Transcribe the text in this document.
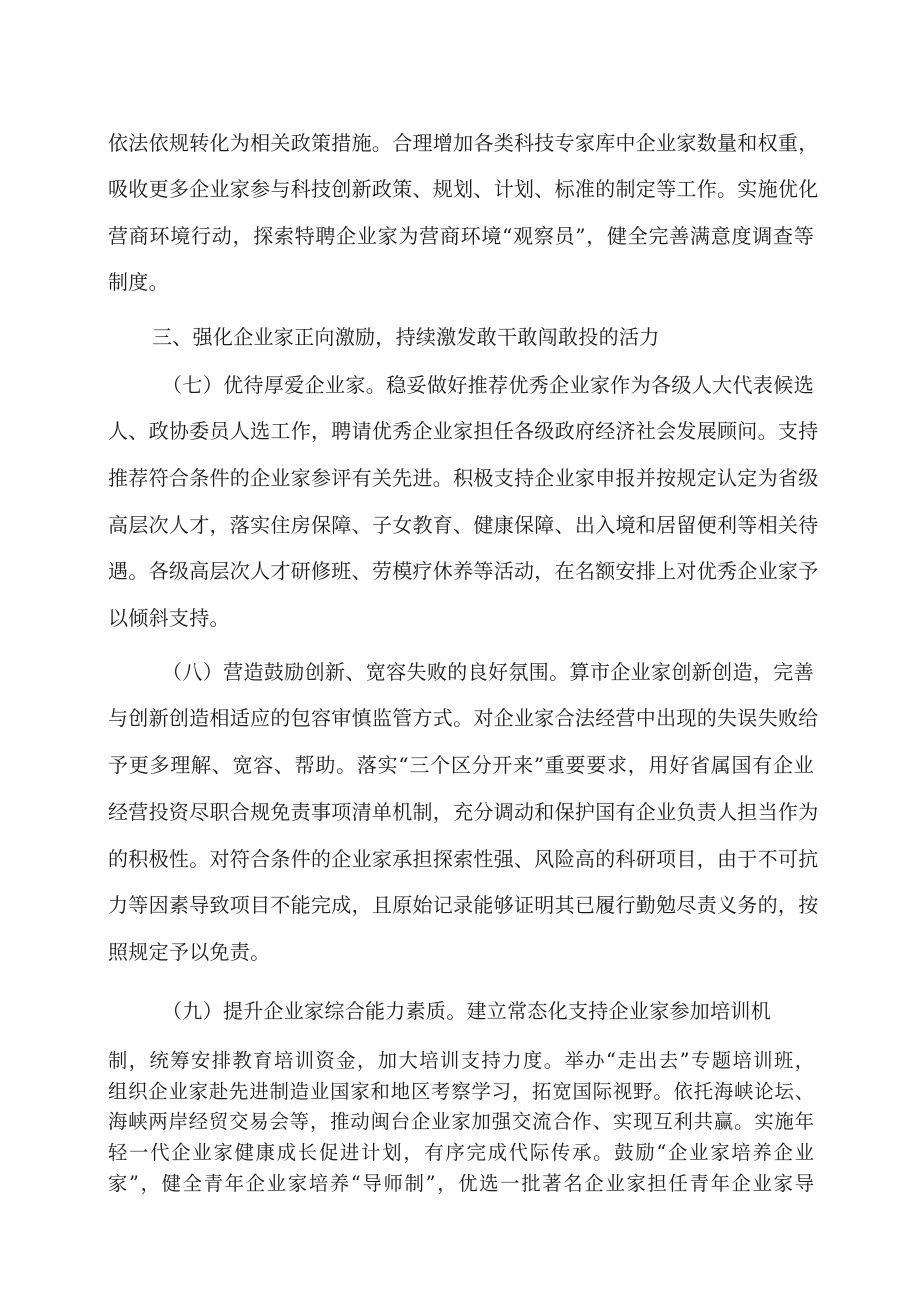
依法依规转化为相关政策措施。合理增加各类科技专家库中企业家数量和权重，
吸收更多企业家参与科技创新政策、规划、计划、标准的制定等工作。实施优化
营商环境行动，探索特聘企业家为营商环境“观察员”，健全完善满意度调查等
制度。
三、强化企业家正向激励，持续激发敢干敢闯敢投的活力
（七）优待厚爱企业家。稳妥做好推荐优秀企业家作为各级人大代表候选
人、政协委员人选工作，聘请优秀企业家担任各级政府经济社会发展顾问。支持
推荐符合条件的企业家参评有关先进。积极支持企业家申报并按规定认定为省级
高层次人才，落实住房保障、子女教育、健康保障、出入境和居留便利等相关待
遇。各级高层次人才研修班、劳模疗休养等活动，在名额安排上对优秀企业家予
以倾斜支持。
（八）营造鼓励创新、宽容失败的良好氛围。算市企业家创新创造，完善
与创新创造相适应的包容审慎监管方式。对企业家合法经营中出现的失误失败给
予更多理解、宽容、帮助。落实“三个区分开来”重要要求，用好省属国有企业
经营投资尽职合规免责事项清单机制，充分调动和保护国有企业负责人担当作为
的积极性。对符合条件的企业家承担探索性强、风险高的科研项目，由于不可抗
力等因素导致项目不能完成，且原始记录能够证明其已履行勤勉尽责义务的，按
照规定予以免责。
（九）提升企业家综合能力素质。建立常态化支持企业家参加培训机
制，统筹安排教育培训资金，加大培训支持力度。举办“走出去”专题培训班，
组织企业家赴先进制造业国家和地区考察学习，拓宽国际视野。依托海峡论坛、
海峡两岸经贸交易会等，推动闽台企业家加强交流合作、实现互利共赢。实施年
轻一代企业家健康成长促进计划，有序完成代际传承。鼓励“企业家培养企业
家”，健全青年企业家培养“导师制”，优选一批著名企业家担任青年企业家导
